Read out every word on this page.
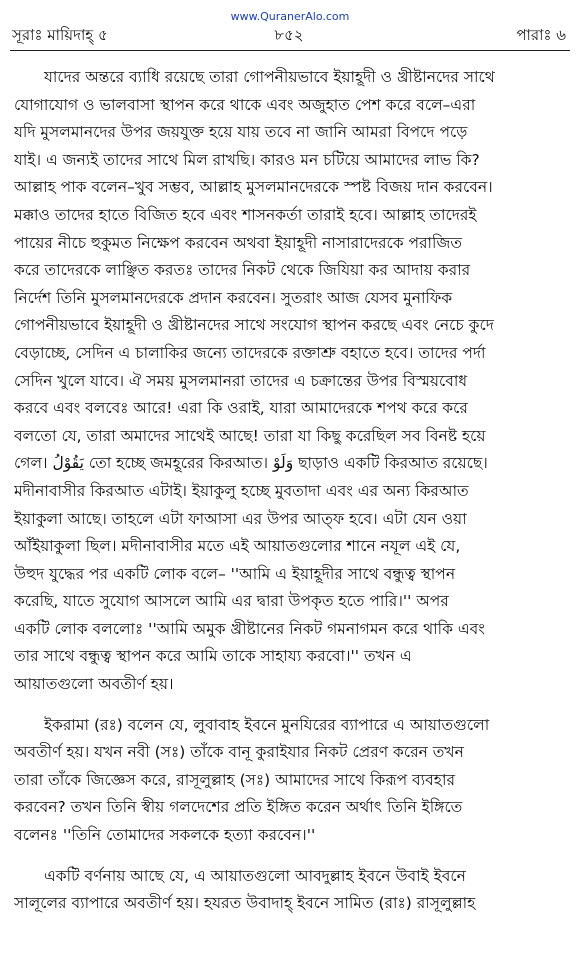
www.QuranerAlo.com
সূরাঃ মায়িদাহ্ ৫	৮৫২	পারাঃ ৬
যাদের অন্তরে ব্যাধি রয়েছে তারা গোপনীয়ভাবে ইয়াহূদী ও খ্রীষ্টানদের সাথে
যোগাযোগ ও ভালবাসা স্থাপন করে থাকে এবং অজুহাত পেশ করে বলে–এরা
যদি মুসলমানদের উপর জয়যুক্ত হয়ে যায় তবে না জানি আমরা বিপদে পড়ে
যাই। এ জন্যই তাদের সাথে মিল রাখছি। কারও মন চটিয়ে আমাদের লাভ কি?
আল্লাহ পাক বলেন–খুব সম্ভব, আল্লাহ মুসলমানদেরকে স্পষ্ট বিজয় দান করবেন।
মক্কাও তাদের হাতে বিজিত হবে এবং শাসনকর্তা তারাই হবে। আল্লাহ তাদেরই
পায়ের নীচে হুকুমত নিক্ষেপ করবেন অথবা ইয়াহূদী নাসারাদেরকে পরাজিত
করে তাদেরকে লাঞ্ছিত করতঃ তাদের নিকট থেকে জিযিয়া কর আদায় করার
নির্দেশ তিনি মুসলমানদেরকে প্রদান করবেন। সুতরাং আজ যেসব মুনাফিক
গোপনীয়ভাবে ইয়াহূদী ও খ্রীষ্টানদের সাথে সংযোগ স্থাপন করছে এবং নেচে কুদে
বেড়াচ্ছে, সেদিন এ চালাকির জন্যে তাদেরকে রক্তাশ্রু বহাতে হবে। তাদের পর্দা
সেদিন খুলে যাবে। ঐ সময় মুসলমানরা তাদের এ চক্রান্তের উপর বিস্ময়বোধ
করবে এবং বলবেঃ আরে! এরা কি ওরাই, যারা আমাদেরকে শপথ করে করে
বলতো যে, তারা অমাদের সাথেই আছে! তারা যা কিছু করেছিল সব বিনষ্ট হয়ে
গেল। يَقُوْلُ তো হচ্ছে জমহূরের কিরআত। وَلَوْ ছাড়াও একটি কিরআত রয়েছে।
মদীনাবাসীর কিরআত এটাই। ইয়াকুলু হচ্ছে মুবতাদা এবং এর অন্য কিরআত
ইয়াকুলা আছে। তাহলে এটা ফাআসা এর উপর আত্ফ হবে। এটা যেন ওয়া
আঁইয়াকুলা ছিল। মদীনাবাসীর মতে এই আয়াতগুলোর শানে নযূল এই যে,
উহুদ যুদ্ধের পর একটি লোক বলে– ''আমি এ ইয়াহূদীর সাথে বন্ধুত্ব স্থাপন
করেছি, যাতে সুযোগ আসলে আমি এর দ্বারা উপকৃত হতে পারি।'' অপর
একটি লোক বললোঃ ''আমি অমুক খ্রীষ্টানের নিকট গমনাগমন করে থাকি এবং
তার সাথে বন্ধুত্ব স্থাপন করে আমি তাকে সাহায্য করবো।'' তখন এ
আয়াতগুলো অবতীর্ণ হয়।
ইকরামা (রঃ) বলেন যে, লুবাবাহ ইবনে মুনযিরের ব্যাপারে এ আয়াতগুলো
অবতীর্ণ হয়। যখন নবী (সঃ) তাঁকে বানূ কুরাইযার নিকট প্রেরণ করেন তখন
তারা তাঁকে জিজ্ঞেস করে, রাসূলুল্লাহ (সঃ) আমাদের সাথে কিরূপ ব্যবহার
করবেন? তখন তিনি স্বীয় গলদেশের প্রতি ইঙ্গিত করেন অর্থাৎ তিনি ইঙ্গিতে
বলেনঃ ''তিনি তোমাদের সকলকে হত্যা করবেন।''
একটি বর্ণনায় আছে যে, এ আয়াতগুলো আবদুল্লাহ ইবনে উবাই ইবনে
সালূলের ব্যাপারে অবতীর্ণ হয়। হযরত উবাদাহ্ ইবনে সামিত (রাঃ) রাসূলুল্লাহ
